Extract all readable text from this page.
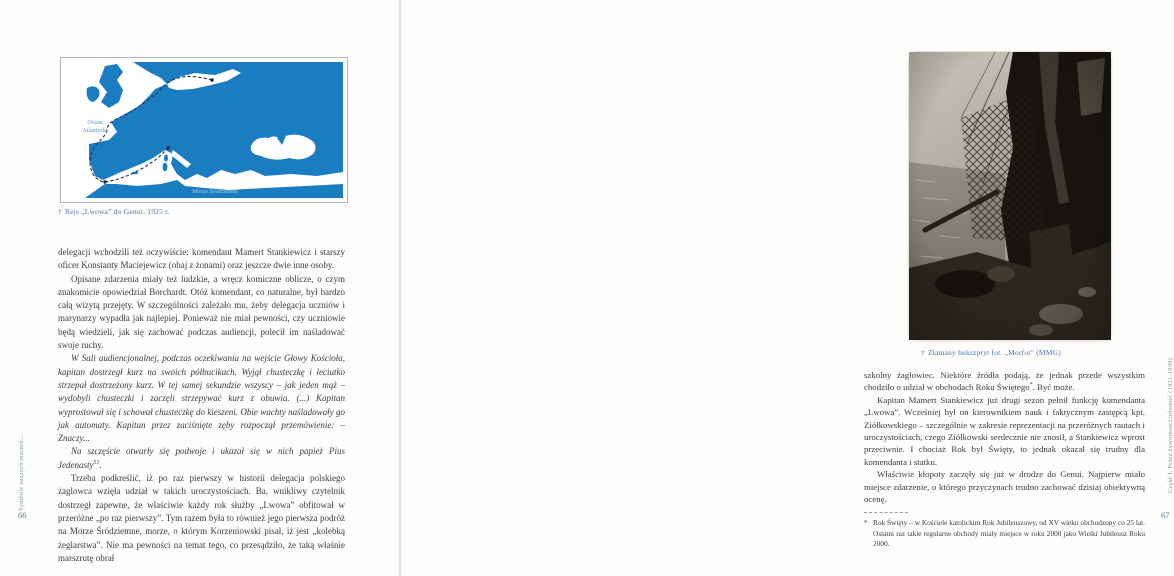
Ocean
Atlantycki
Morze Śródziemne
† Rejs „Lwowa” do Genui, 1925 r.

delegacji wchodzili też oczywiście: komendant Mamert Stankiewicz i starszy oficer Konstanty Maciejewicz (obaj z żonami) oraz jeszcze dwie inne osoby.

Opisane zdarzenia miały też ludzkie, a wręcz komiczne oblicze, o czym znakomicie opowiedział Borchardt. Otóż komendant, co naturalne, był bardzo całą wizytą przejęty. W szczególności zależało mu, żeby delegacja uczniów i marynarzy wypadła jak najlepiej. Ponieważ nie miał pewności, czy uczniowie będą wiedzieli, jak się zachować podczas audiencji, polecił im naśladować swoje ruchy.

W Sali audiencjonalnej, podczas oczekiwania na wejście Głowy Kościoła, kapitan dostrzegł kurz na swoich półbucikach. Wyjął chusteczkę i leciutko strzepał dostrzeżony kurz. W tej samej sekundzie wszyscy – jak jeden mąż – wydobyli chusteczki i zaczęli strzepywać kurz z obuwia. (...) Kapitan wyprostował się i schował chusteczkę do kieszeni. Obie wachty naśladowały go jak automaty. Kapitan przez zaciśnięte zęby rozpoczął przemówienie: – Znaczy...

Na szczęście otwarły się podwoje i ukazał się w nich papież Pius Jedenasty$^{51}$.

Trzeba podkreślić, iż po raz pierwszy w historii delegacja polskiego żaglowca wzięła udział w takich uroczystościach. Ba, wnikliwy czytelnik dostrzegł zapewne, że właściwie każdy rok służby „Lwowa” obfitował w przeróżne „po raz pierwszy”. Tym razem była to również jego pierwsza podróż na Morze Śródziemne, morze, o którym Korzeniowski pisał, iż jest „kolebką żeglarstwa”. Nie ma pewności na temat tego, co przesądziło, że taką właśnie marszrutę obrał

Symbole naszych marzeń...
66
† Złamany bukszpryt fot. „Morfot” (MMG)

szkolny żaglowiec. Niektóre źródła podają, że jednak przede wszystkim chodziło o udział w obchodach Roku Świętego*. Być może.

Kapitan Mamert Stankiewicz już drugi sezon pełnił funkcję komendanta „Lwowa”. Wcześniej był on kierownikiem nauk i faktycznym zastępcą kpt. Ziółkowskiego – szczególnie w zakresie reprezentacji na przeróżnych rautach i uroczystościach, czego Ziółkowski serdecznie nie znosił, a Stankiewicz wprost przeciwnie. I chociaż Rok był Święty, to jednak okazał się trudny dla komendanta i statku.

Właściwie kłopoty zaczęły się już w drodze do Genui. Najpierw miało miejsce zdarzenie, o którego przyczynach trudno zachować dzisiaj obiektywną ocenę.

* Rok Święty – w Kościele katolickim Rok Jubileuszowy, od XV wieku obchodzony co 25 lat. Ostatni raz takie regularne obchody miały miejsce w roku 2000 jako Wielki Jubileusz Roku 2000.
Część I. Pełna żywotności młodość (1921-1939)
67
